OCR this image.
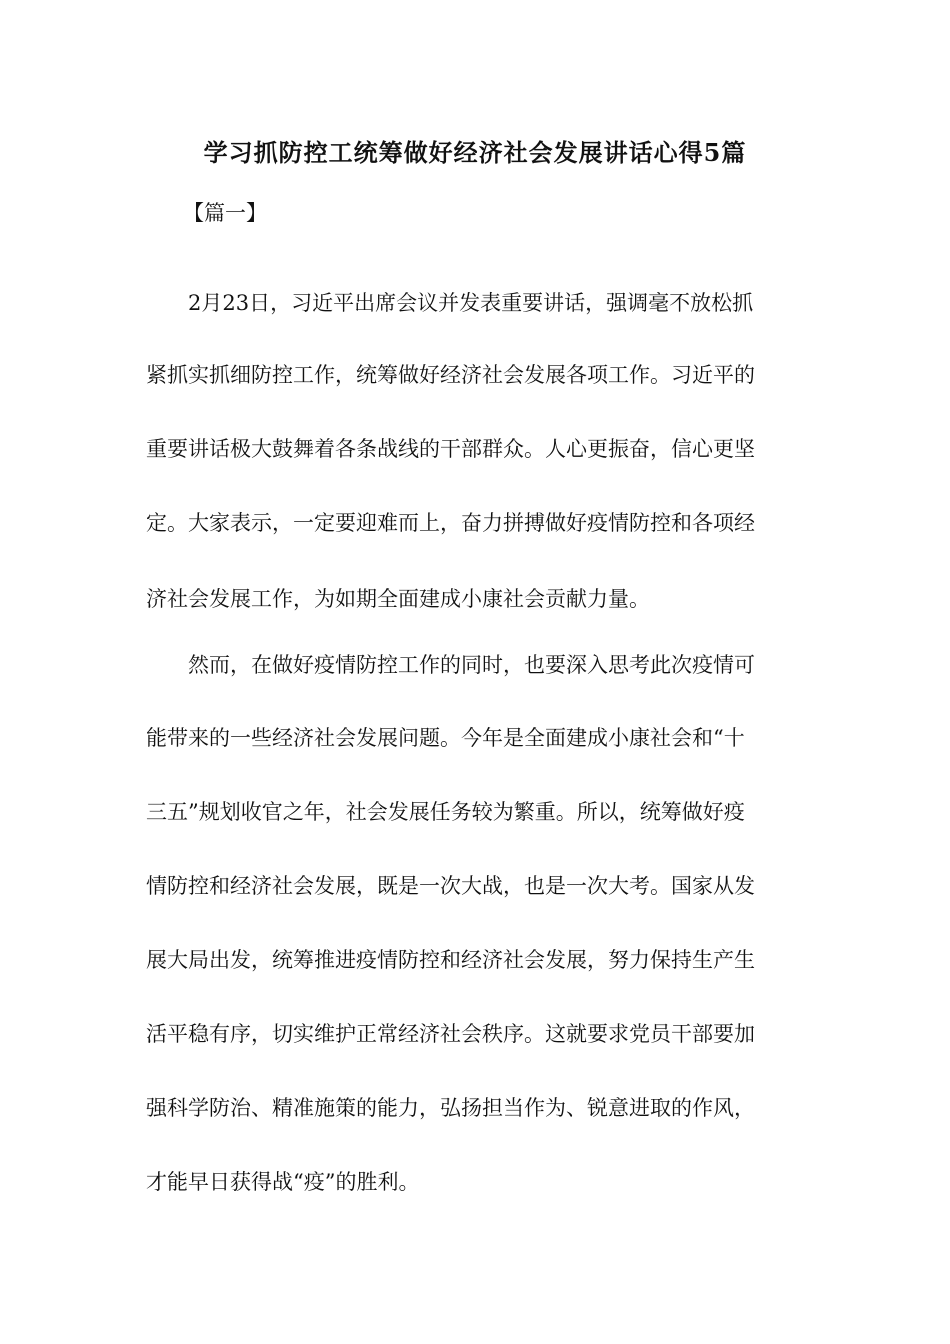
学习抓防控工统筹做好经济社会发展讲话心得5篇
【篇一】
2月23日，习近平出席会议并发表重要讲话，强调毫不放松抓
紧抓实抓细防控工作，统筹做好经济社会发展各项工作。习近平的
重要讲话极大鼓舞着各条战线的干部群众。人心更振奋，信心更坚
定。大家表示，一定要迎难而上，奋力拼搏做好疫情防控和各项经
济社会发展工作，为如期全面建成小康社会贡献力量。
然而，在做好疫情防控工作的同时，也要深入思考此次疫情可
能带来的一些经济社会发展问题。今年是全面建成小康社会和“十
三五”规划收官之年，社会发展任务较为繁重。所以，统筹做好疫
情防控和经济社会发展，既是一次大战，也是一次大考。国家从发
展大局出发，统筹推进疫情防控和经济社会发展，努力保持生产生
活平稳有序，切实维护正常经济社会秩序。这就要求党员干部要加
强科学防治、精准施策的能力，弘扬担当作为、锐意进取的作风，
才能早日获得战“疫”的胜利。
